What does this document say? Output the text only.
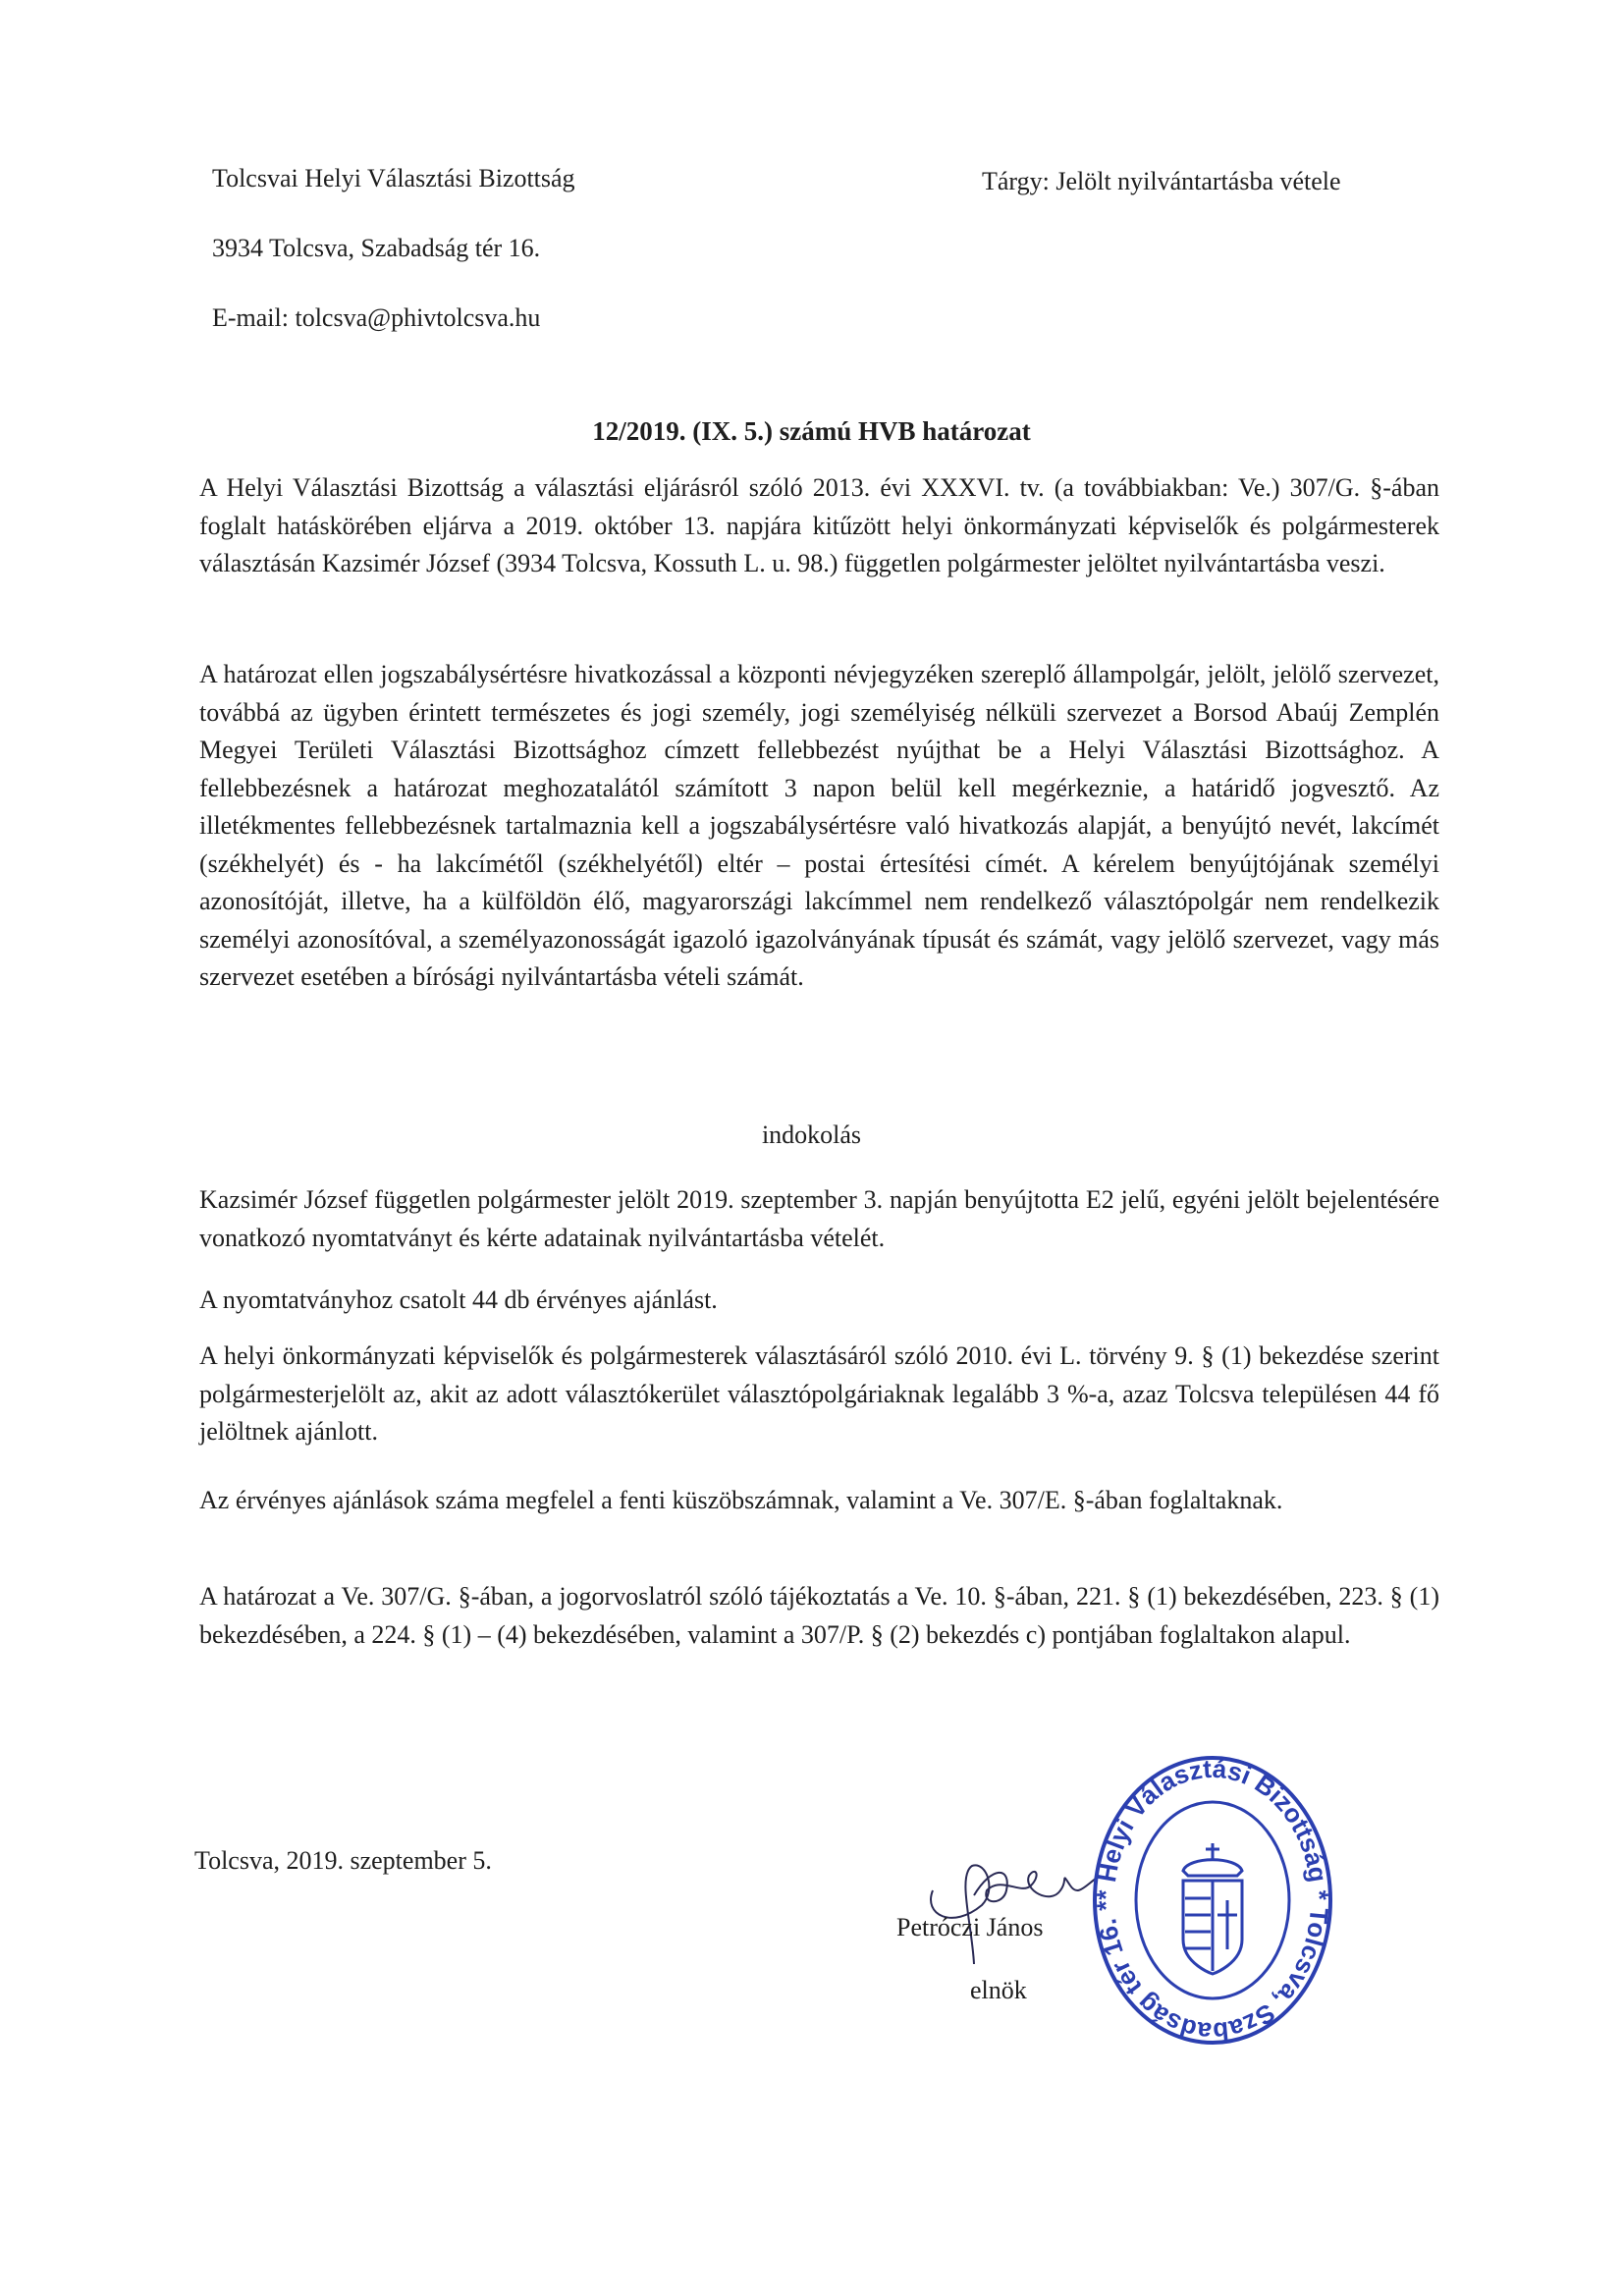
Tolcsvai Helyi Választási Bizottság
3934 Tolcsva, Szabadság tér 16.
E-mail: tolcsva@phivtolcsva.hu
Tárgy: Jelölt nyilvántartásba vétele
12/2019. (IX. 5.) számú HVB határozat
A Helyi Választási Bizottság a választási eljárásról szóló 2013. évi XXXVI. tv. (a továbbiakban: Ve.) 307/G. §-ában foglalt hatáskörében eljárva a 2019. október 13. napjára kitűzött helyi önkormányzati képviselők és polgármesterek választásán Kazsimér József (3934 Tolcsva, Kossuth L. u. 98.) független polgármester jelöltet nyilvántartásba veszi.
A határozat ellen jogszabálysértésre hivatkozással a központi névjegyzéken szereplő állampolgár, jelölt, jelölő szervezet, továbbá az ügyben érintett természetes és jogi személy, jogi személyiség nélküli szervezet a Borsod Abaúj Zemplén Megyei Területi Választási Bizottsághoz címzett fellebbezést nyújthat be a Helyi Választási Bizottsághoz. A fellebbezésnek a határozat meghozatalától számított 3 napon belül kell megérkeznie, a határidő jogvesztő. Az illetékmentes fellebbezésnek tartalmaznia kell a jogszabálysértésre való hivatkozás alapját, a benyújtó nevét, lakcímét (székhelyét) és - ha lakcímétől (székhelyétől) eltér – postai értesítési címét. A kérelem benyújtójának személyi azonosítóját, illetve, ha a külföldön élő, magyarországi lakcímmel nem rendelkező választópolgár nem rendelkezik személyi azonosítóval, a személyazonosságát igazoló igazolványának típusát és számát, vagy jelölő szervezet, vagy más szervezet esetében a bírósági nyilvántartásba vételi számát.
indokolás
Kazsimér József független polgármester jelölt 2019. szeptember 3. napján benyújtotta E2 jelű, egyéni jelölt bejelentésére vonatkozó nyomtatványt és kérte adatainak nyilvántartásba vételét.
A nyomtatványhoz csatolt 44 db érvényes ajánlást.
A helyi önkormányzati képviselők és polgármesterek választásáról szóló 2010. évi L. törvény 9. § (1) bekezdése szerint polgármesterjelölt az, akit az adott választókerület választópolgáriaknak legalább 3 %-a, azaz Tolcsva településen 44 fő jelöltnek ajánlott.
Az érvényes ajánlások száma megfelel a fenti küszöbszámnak, valamint a Ve. 307/E. §-ában foglaltaknak.
A határozat a Ve. 307/G. §-ában, a jogorvoslatról szóló tájékoztatás a Ve. 10. §-ában, 221. § (1) bekezdésében, 223. § (1) bekezdésében, a 224. § (1) – (4) bekezdésében, valamint a 307/P. § (2) bekezdés c) pontjában foglaltakon alapul.
Tolcsva, 2019. szeptember 5.
Petróczi János
elnök
* Helyi Választási Bizottság * Tolcsva, Szabadság tér 16. *
